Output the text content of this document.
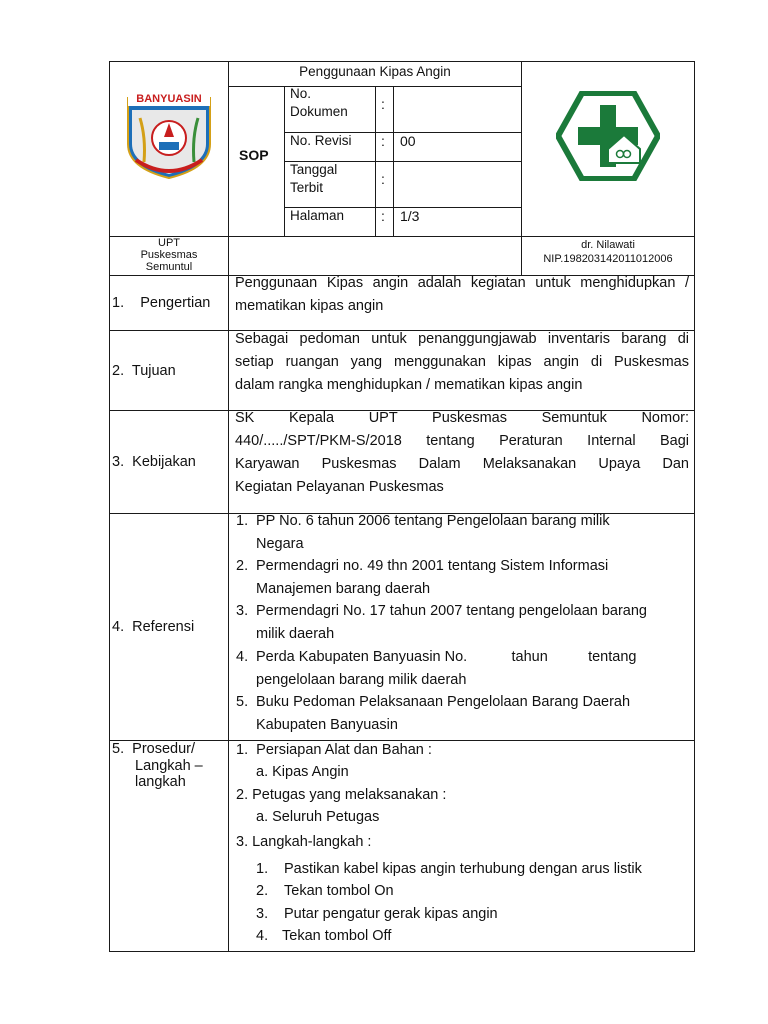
BANYUASIN
Penggunaan Kipas Angin
SOP
No.
Dokumen :
No. Revisi : 00
Tanggal
Terbit
:
Halaman	: 1/3
UPT
Puskesmas
Semuntul
dr. Nilawati
NIP.198203142011012006
1.    Pengertian
Penggunaan Kipas angin adalah kegiatan untuk menghidupkan /
mematikan kipas angin
2.  Tujuan
Sebagai pedoman untuk penanggungjawab inventaris barang di
setiap ruangan yang menggunakan kipas angin di Puskesmas
dalam rangka menghidupkan / mematikan kipas angin
3.  Kebijakan
SK Kepala UPT Puskesmas Semuntuk Nomor:
440/...../SPT/PKM-S/2018 tentang Peraturan Internal Bagi
Karyawan Puskesmas Dalam Melaksanakan Upaya Dan
Kegiatan Pelayanan Puskesmas
4.  Referensi
1. PP No. 6 tahun 2006 tentang Pengelolaan barang milik
Negara
2. Permendagri no. 49 thn 2001 tentang Sistem Informasi
Manajemen barang daerah
3. Permendagri No. 17 tahun 2007 tentang pengelolaan barang
milik daerah
4. Perda Kabupaten Banyuasin No.           tahun          tentang
pengelolaan barang milik daerah
5. Buku Pedoman Pelaksanaan Pengelolaan Barang Daerah
Kabupaten Banyuasin
5.  Prosedur/
Langkah –
langkah
1.  Persiapan Alat dan Bahan :
a. Kipas Angin
2. Petugas yang melaksanakan :
a. Seluruh Petugas
3. Langkah-langkah :
1. Pastikan kabel kipas angin terhubung dengan arus listik
2. Tekan tombol On
3. Putar pengatur gerak kipas angin
4. Tekan tombol Off
